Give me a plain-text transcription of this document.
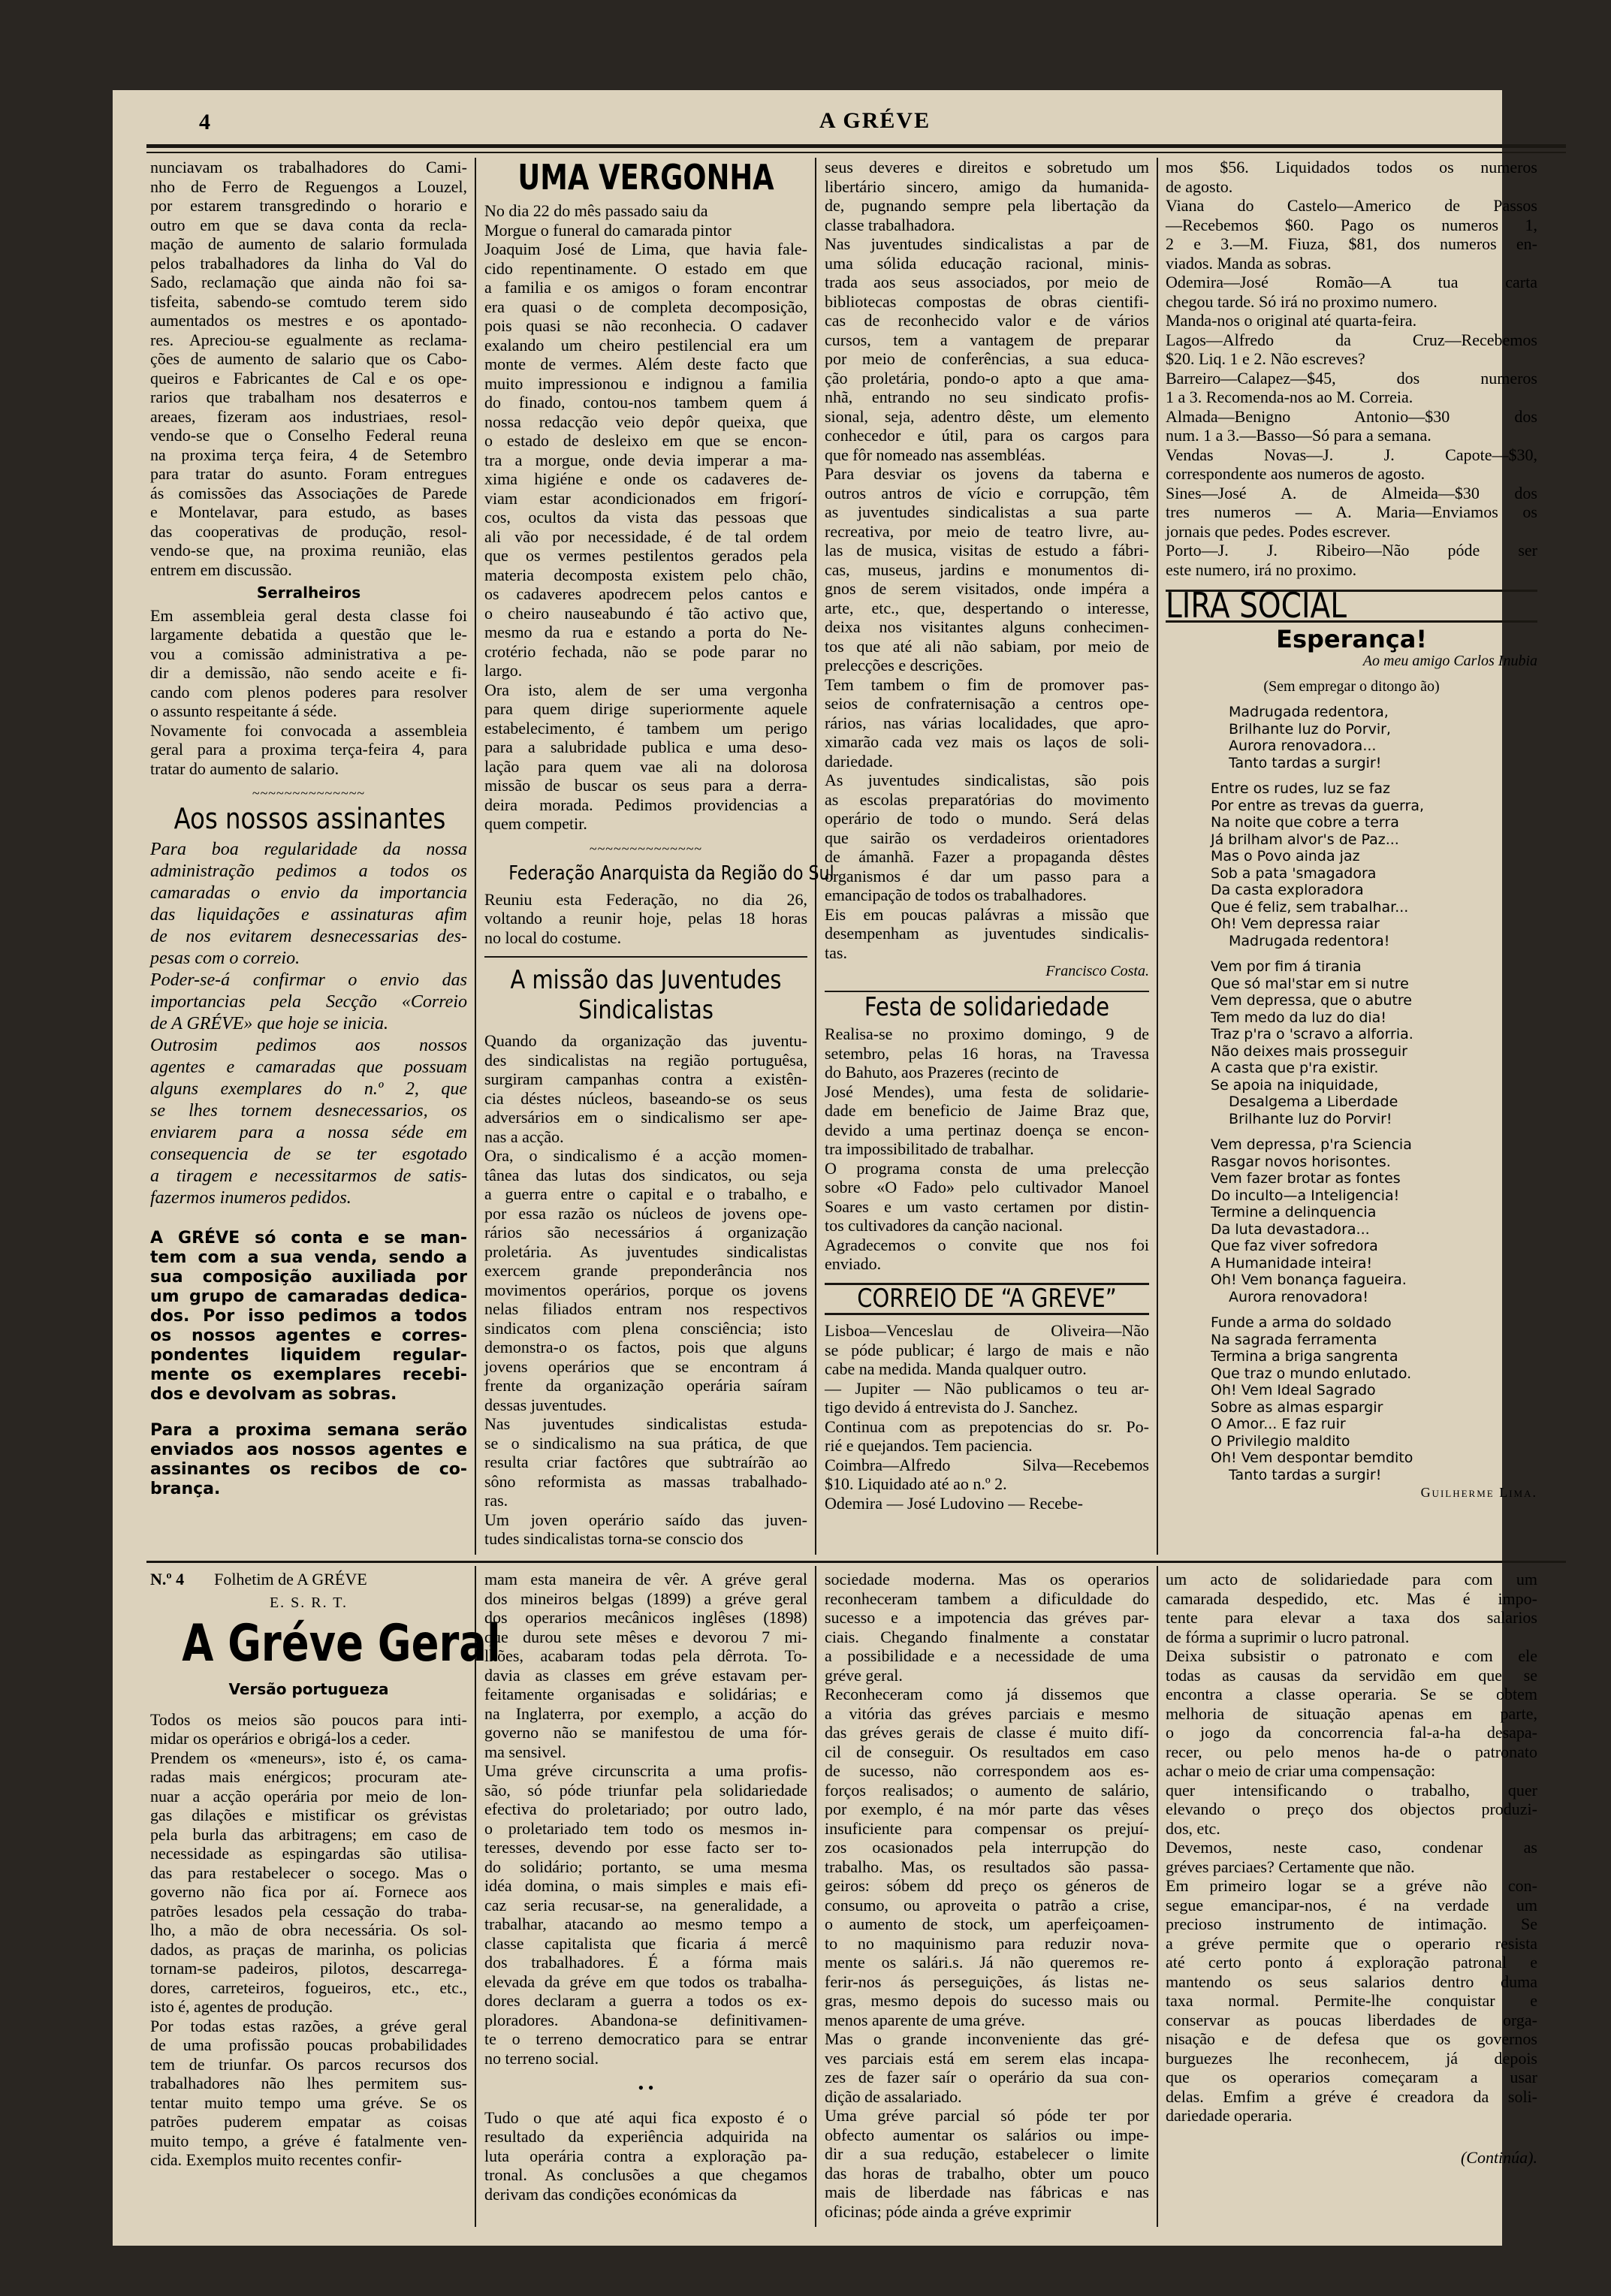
4	A GRÉVE
nunciavam os trabalhadores do Cami-
nho de Ferro de Reguengos a Louzel,
por estarem transgredindo o horario e
outro em que se dava conta da recla-
mação de aumento de salario formulada
pelos trabalhadores da linha do Val do
Sado, reclamação que ainda não foi sa-
tisfeita, sabendo-se comtudo terem sido
aumentados os mestres e os apontado-
res. Apreciou-se egualmente as reclama-
ções de aumento de salario que os Cabo-
queiros e Fabricantes de Cal e os ope-
rarios que trabalham nos desaterros e
areaes, fizeram aos industriaes, resol-
vendo-se que o Conselho Federal reuna
na proxima terça feira, 4 de Setembro
para tratar do asunto. Foram entregues
ás comissões das Associações de Parede
e Montelavar, para estudo, as bases
das cooperativas de produção, resol-
vendo-se que, na proxima reunião, elas
entrem em discussão.
Serralheiros
Em assembleia geral desta classe foi
largamente debatida a questão que le-
vou a comissão administrativa a pe-
dir a demissão, não sendo aceite e fi-
cando com plenos poderes para resolver
o assunto respeitante á séde.
Novamente foi convocada a assembleia
geral para a proxima terça-feira 4, para
tratar do aumento de salario.
~~~~~~~~~~~~~~
Aos nossos assinantes
Para boa regularidade da nossa
administração pedimos a todos os
camaradas o envio da importancia
das liquidações e assinaturas afim
de nos evitarem desnecessarias des-
pesas com o correio.
Poder-se-á confirmar o envio das
importancias pela Secção «Correio
de A GRÉVE» que hoje se inicia.
Outrosim pedimos aos nossos
agentes e camaradas que possuam
alguns exemplares do n.º 2, que
se lhes tornem desnecessarios, os
enviarem para a nossa séde em
consequencia de se ter esgotado
a tiragem e necessitarmos de satis-
fazermos inumeros pedidos.
A GRÉVE só conta e se man-
tem com a sua venda, sendo a
sua composição auxiliada por
um grupo de camaradas dedica-
dos. Por isso pedimos a todos
os nossos agentes e corres-
pondentes liquidem regular-
mente os exemplares recebi-
dos e devolvam as sobras.
Para a proxima semana serão
enviados aos nossos agentes e
assinantes os recibos de co-
brança.
UMA VERGONHA
No dia 22 do mês passado saiu da
Morgue o funeral do camarada pintor
Joaquim José de Lima, que havia fale-
cido repentinamente. O estado em que
a familia e os amigos o foram encontrar
era quasi o de completa decomposição,
pois quasi se não reconhecia. O cadaver
exalando um cheiro pestilencial era um
monte de vermes. Além deste facto que
muito impressionou e indignou a familia
do finado, contou-nos tambem quem á
nossa redacção veio depôr queixa, que
o estado de desleixo em que se encon-
tra a morgue, onde devia imperar a ma-
xima higiéne e onde os cadaveres de-
viam estar acondicionados em frigorí-
cos, ocultos da vista das pessoas que
ali vão por necessidade, é de tal ordem
que os vermes pestilentos gerados pela
materia decomposta existem pelo chão,
os cadaveres apodrecem pelos cantos e
o cheiro nauseabundo é tão activo que,
mesmo da rua e estando a porta do Ne-
crotério fechada, não se pode parar no
largo.
Ora isto, alem de ser uma vergonha
para quem dirige superiormente aquele
estabelecimento, é tambem um perigo
para a salubridade publica e uma deso-
lação para quem vae ali na dolorosa
missão de buscar os seus para a derra-
deira morada. Pedimos providencias a
quem competir.
~~~~~~~~~~~~~~
Federação Anarquista da Região do Sul
Reuniu esta Federação, no dia 26,
voltando a reunir hoje, pelas 18 horas
no local do costume.
A missão das Juventudes
Sindicalistas
Quando da organização das juventu-
des sindicalistas na região portuguêsa,
surgiram campanhas contra a existên-
cia déstes núcleos, baseando-se os seus
adversários em o sindicalismo ser ape-
nas a acção.
Ora, o sindicalismo é a acção momen-
tânea das lutas dos sindicatos, ou seja
a guerra entre o capital e o trabalho, e
por essa razão os núcleos de jovens ope-
rários são necessários á organização
proletária. As juventudes sindicalistas
exercem grande preponderância nos
movimentos operários, porque os jovens
nelas filiados entram nos respectivos
sindicatos com plena consciência; isto
demonstra-o os factos, pois que alguns
jovens operários que se encontram á
frente da organização operária saíram
dessas juventudes.
Nas juventudes sindicalistas estuda-
se o sindicalismo na sua prática, de que
resulta criar factôres que subtraírão ao
sôno reformista as massas trabalhado-
ras.
Um joven operário saído das juven-
tudes sindicalistas torna-se conscio dos
seus deveres e direitos e sobretudo um
libertário sincero, amigo da humanida-
de, pugnando sempre pela libertação da
classe trabalhadora.
Nas juventudes sindicalistas a par de
uma sólida educação racional, minis-
trada aos seus associados, por meio de
bibliotecas compostas de obras cientifi-
cas de reconhecido valor e de vários
cursos, tem a vantagem de preparar
por meio de conferências, a sua educa-
ção proletária, pondo-o apto a que ama-
nhã, entrando no seu sindicato profis-
sional, seja, adentro dêste, um elemento
conhecedor e útil, para os cargos para
que fôr nomeado nas assembléas.
Para desviar os jovens da taberna e
outros antros de vício e corrupção, têm
as juventudes sindicalistas a sua parte
recreativa, por meio de teatro livre, au-
las de musica, visitas de estudo a fábri-
cas, museus, jardins e monumentos di-
gnos de serem visitados, onde impéra a
arte, etc., que, despertando o interesse,
deixa nos visitantes alguns conhecimen-
tos que até ali não sabiam, por meio de
prelecções e descrições.
Tem tambem o fim de promover pas-
seios de confraternisação a centros ope-
rários, nas várias localidades, que apro-
ximarão cada vez mais os laços de soli-
dariedade.
As juventudes sindicalistas, são pois
as escolas preparatórias do movimento
operário de todo o mundo. Será delas
que sairão os verdadeiros orientadores
de ámanhã. Fazer a propaganda dêstes
organismos é dar um passo para a
emancipação de todos os trabalhadores.
Eis em poucas palávras a missão que
desempenham as juventudes sindicalis-
tas.
Francisco Costa.
Festa de solidariedade
Realisa-se no proximo domingo, 9 de
setembro, pelas 16 horas, na Travessa
do Bahuto, aos Prazeres (recinto de
José Mendes), uma festa de solidarie-
dade em beneficio de Jaime Braz que,
devido a uma pertinaz doença se encon-
tra impossibilitado de trabalhar.
O programa consta de uma prelecção
sobre «O Fado» pelo cultivador Manoel
Soares e um vasto certamen por distin-
tos cultivadores da canção nacional.
Agradecemos o convite que nos foi
enviado.
CORREIO DE “A GREVE”
Lisboa—Venceslau de Oliveira—Não
se póde publicar; é largo de mais e não
cabe na medida. Manda qualquer outro.
— Jupiter — Não publicamos o teu ar-
tigo devido á entrevista do J. Sanchez.
Continua com as prepotencias do sr. Po-
rié e quejandos. Tem paciencia.
Coimbra—Alfredo Silva—Recebemos
$10. Liquidado até ao n.º 2.
Odemira — José Ludovino — Recebe-
mos $56. Liquidados todos os numeros
de agosto.
Viana do Castelo—Americo de Passos
—Recebemos $60. Pago os numeros 1,
2 e 3.—M. Fiuza, $81, dos numeros en-
viados. Manda as sobras.
Odemira—José Romão—A tua carta
chegou tarde. Só irá no proximo numero.
Manda-nos o original até quarta-feira.
Lagos—Alfredo da Cruz—Recebemos
$20. Liq. 1 e 2. Não escreves?
Barreiro—Calapez—$45, dos numeros
1 a 3. Recomenda-nos ao M. Correia.
Almada—Benigno Antonio—$30 dos
num. 1 a 3.—Basso—Só para a semana.
Vendas Novas—J. J. Capote—$30,
correspondente aos numeros de agosto.
Sines—José A. de Almeida—$30 dos
tres numeros — A. Maria—Enviamos os
jornais que pedes. Podes escrever.
Porto—J. J. Ribeiro—Não póde ser
este numero, irá no proximo.
LIRA SOCIAL
Esperança!
Ao meu amigo Carlos Inubia
(Sem empregar o ditongo ão)
Madrugada redentora,
Brilhante luz do Porvir,
Aurora renovadora...
Tanto tardas a surgir!
Entre os rudes, luz se faz
Por entre as trevas da guerra,
Na noite que cobre a terra
Já brilham alvor's de Paz...
Mas o Povo ainda jaz
Sob a pata 'smagadora
Da casta exploradora
Que é feliz, sem trabalhar...
Oh! Vem depressa raiar
Madrugada redentora!
Vem por fim á tirania
Que só mal'star em si nutre
Vem depressa, que o abutre
Tem medo da luz do dia!
Traz p'ra o 'scravo a alforria.
Não deixes mais prosseguir
A casta que p'ra existir.
Se apoia na iniquidade,
Desalgema a Liberdade
Brilhante luz do Porvir!
Vem depressa, p'ra Sciencia
Rasgar novos horisontes.
Vem fazer brotar as fontes
Do inculto—a Inteligencia!
Termine a delinquencia
Da luta devastadora...
Que faz viver sofredora
A Humanidade inteira!
Oh! Vem bonança fagueira.
Aurora renovadora!
Funde a arma do soldado
Na sagrada ferramenta
Termina a briga sangrenta
Que traz o mundo enlutado.
Oh! Vem Ideal Sagrado
Sobre as almas espargir
O Amor... E faz ruir
O Privilegio maldito
Oh! Vem despontar bemdito
Tanto tardas a surgir!
Guilherme Lima.
N.º 4 Folhetim de A GRÉVE
E. S. R. T.
A Gréve Geral
Versão portugueza
Todos os meios são poucos para inti-
midar os operários e obrigá-los a ceder.
Prendem os «meneurs», isto é, os cama-
radas mais enérgicos; procuram ate-
nuar a acção operária por meio de lon-
gas dilações e mistificar os grévistas
pela burla das arbitragens; em caso de
necessidade as espingardas são utilisa-
das para restabelecer o socego. Mas o
governo não fica por aí. Fornece aos
patrões lesados pela cessação do traba-
lho, a mão de obra necessária. Os sol-
dados, as praças de marinha, os policias
tornam-se padeiros, pilotos, descarrega-
dores, carreteiros, fogueiros, etc., etc.,
isto é, agentes de produção.
Por todas estas razões, a gréve geral
de uma profissão poucas probabilidades
tem de triunfar. Os parcos recursos dos
trabalhadores não lhes permitem sus-
tentar muito tempo uma gréve. Se os
patrões puderem empatar as coisas
muito tempo, a gréve é fatalmente ven-
cida. Exemplos muito recentes confir-
mam esta maneira de vêr. A gréve geral
dos mineiros belgas (1899) a gréve geral
dos operarios mecânicos inglêses (1898)
que durou sete mêses e devorou 7 mi-
lhões, acabaram todas pela dêrrota. To-
davia as classes em gréve estavam per-
feitamente organisadas e solidárias; e
na Inglaterra, por exemplo, a acção do
governo não se manifestou de uma fór-
ma sensivel.
Uma gréve circunscrita a uma profis-
são, só póde triunfar pela solidariedade
efectiva do proletariado; por outro lado,
o proletariado tem todo os mesmos in-
teresses, devendo por esse facto ser to-
do solidário; portanto, se uma mesma
idéa domina, o mais simples e mais efi-
caz seria recusar-se, na generalidade, a
trabalhar, atacando ao mesmo tempo a
classe capitalista que ficaria á mercê
dos trabalhadores. É a fórma mais
elevada da gréve em que todos os trabalha-
dores declaram a guerra a todos os ex-
ploradores. Abandona-se definitivamen-
te o terreno democratico para se entrar
no terreno social.
• •
Tudo o que até aqui fica exposto é o
resultado da experiência adquirida na
luta operária contra a exploração pa-
tronal. As conclusões a que chegamos
derivam das condições económicas da
sociedade moderna. Mas os operarios
reconheceram tambem a dificuldade do
sucesso e a impotencia das gréves par-
ciais. Chegando finalmente a constatar
a possibilidade e a necessidade de uma
gréve geral.
Reconheceram como já dissemos que
a vitória das gréves parciais e mesmo
das gréves gerais de classe é muito difí-
cil de conseguir. Os resultados em caso
de sucesso, não correspondem aos es-
forços realisados; o aumento de salário,
por exemplo, é na mór parte das vêses
insuficiente para compensar os prejuí-
zos ocasionados pela interrupção do
trabalho. Mas, os resultados são passa-
geiros: sóbem dd preço os géneros de
consumo, ou aproveita o patrão a crise,
o aumento de stock, um aperfeiçoamen-
to no maquinismo para reduzir nova-
mente os salári.s. Já não queremos re-
ferir-nos ás perseguições, ás listas ne-
gras, mesmo depois do sucesso mais ou
menos aparente de uma gréve.
Mas o grande inconveniente das gré-
ves parciais está em serem elas incapa-
zes de fazer saír o operário da sua con-
dição de assalariado.
Uma gréve parcial só póde ter por
obfecto aumentar os salários ou impe-
dir a sua redução, estabelecer o limite
das horas de trabalho, obter um pouco
mais de liberdade nas fábricas e nas
oficinas; póde ainda a gréve exprimir
um acto de solidariedade para com um
camarada despedido, etc. Mas é impo-
tente para elevar a taxa dos salarios
de fórma a suprimir o lucro patronal.
Deixa subsistir o patronato e com ele
todas as causas da servidão em que se
encontra a classe operaria. Se se obtem
melhoria de situação apenas em parte,
o jogo da concorrencia fal-a-ha desapa-
recer, ou pelo menos ha-de o patronato
achar o meio de criar uma compensação:
quer intensificando o trabalho, quer
elevando o preço dos objectos produzi-
dos, etc.
Devemos, neste caso, condenar as
gréves parciaes? Certamente que não.
Em primeiro logar se a gréve não con-
segue emancipar-nos, é na verdade um
precioso instrumento de intimação. Se
a gréve permite que o operario resista
até certo ponto á exploração patronal e
mantendo os seus salarios dentro duma
taxa normal. Permite-lhe conquistar e
conservar as poucas liberdades de orga-
nisação e de defesa que os governos
burguezes lhe reconhecem, já depois
que os operarios começaram a usar
delas. Emfim a gréve é creadora da soli-
dariedade operaria.
(Continúa).
